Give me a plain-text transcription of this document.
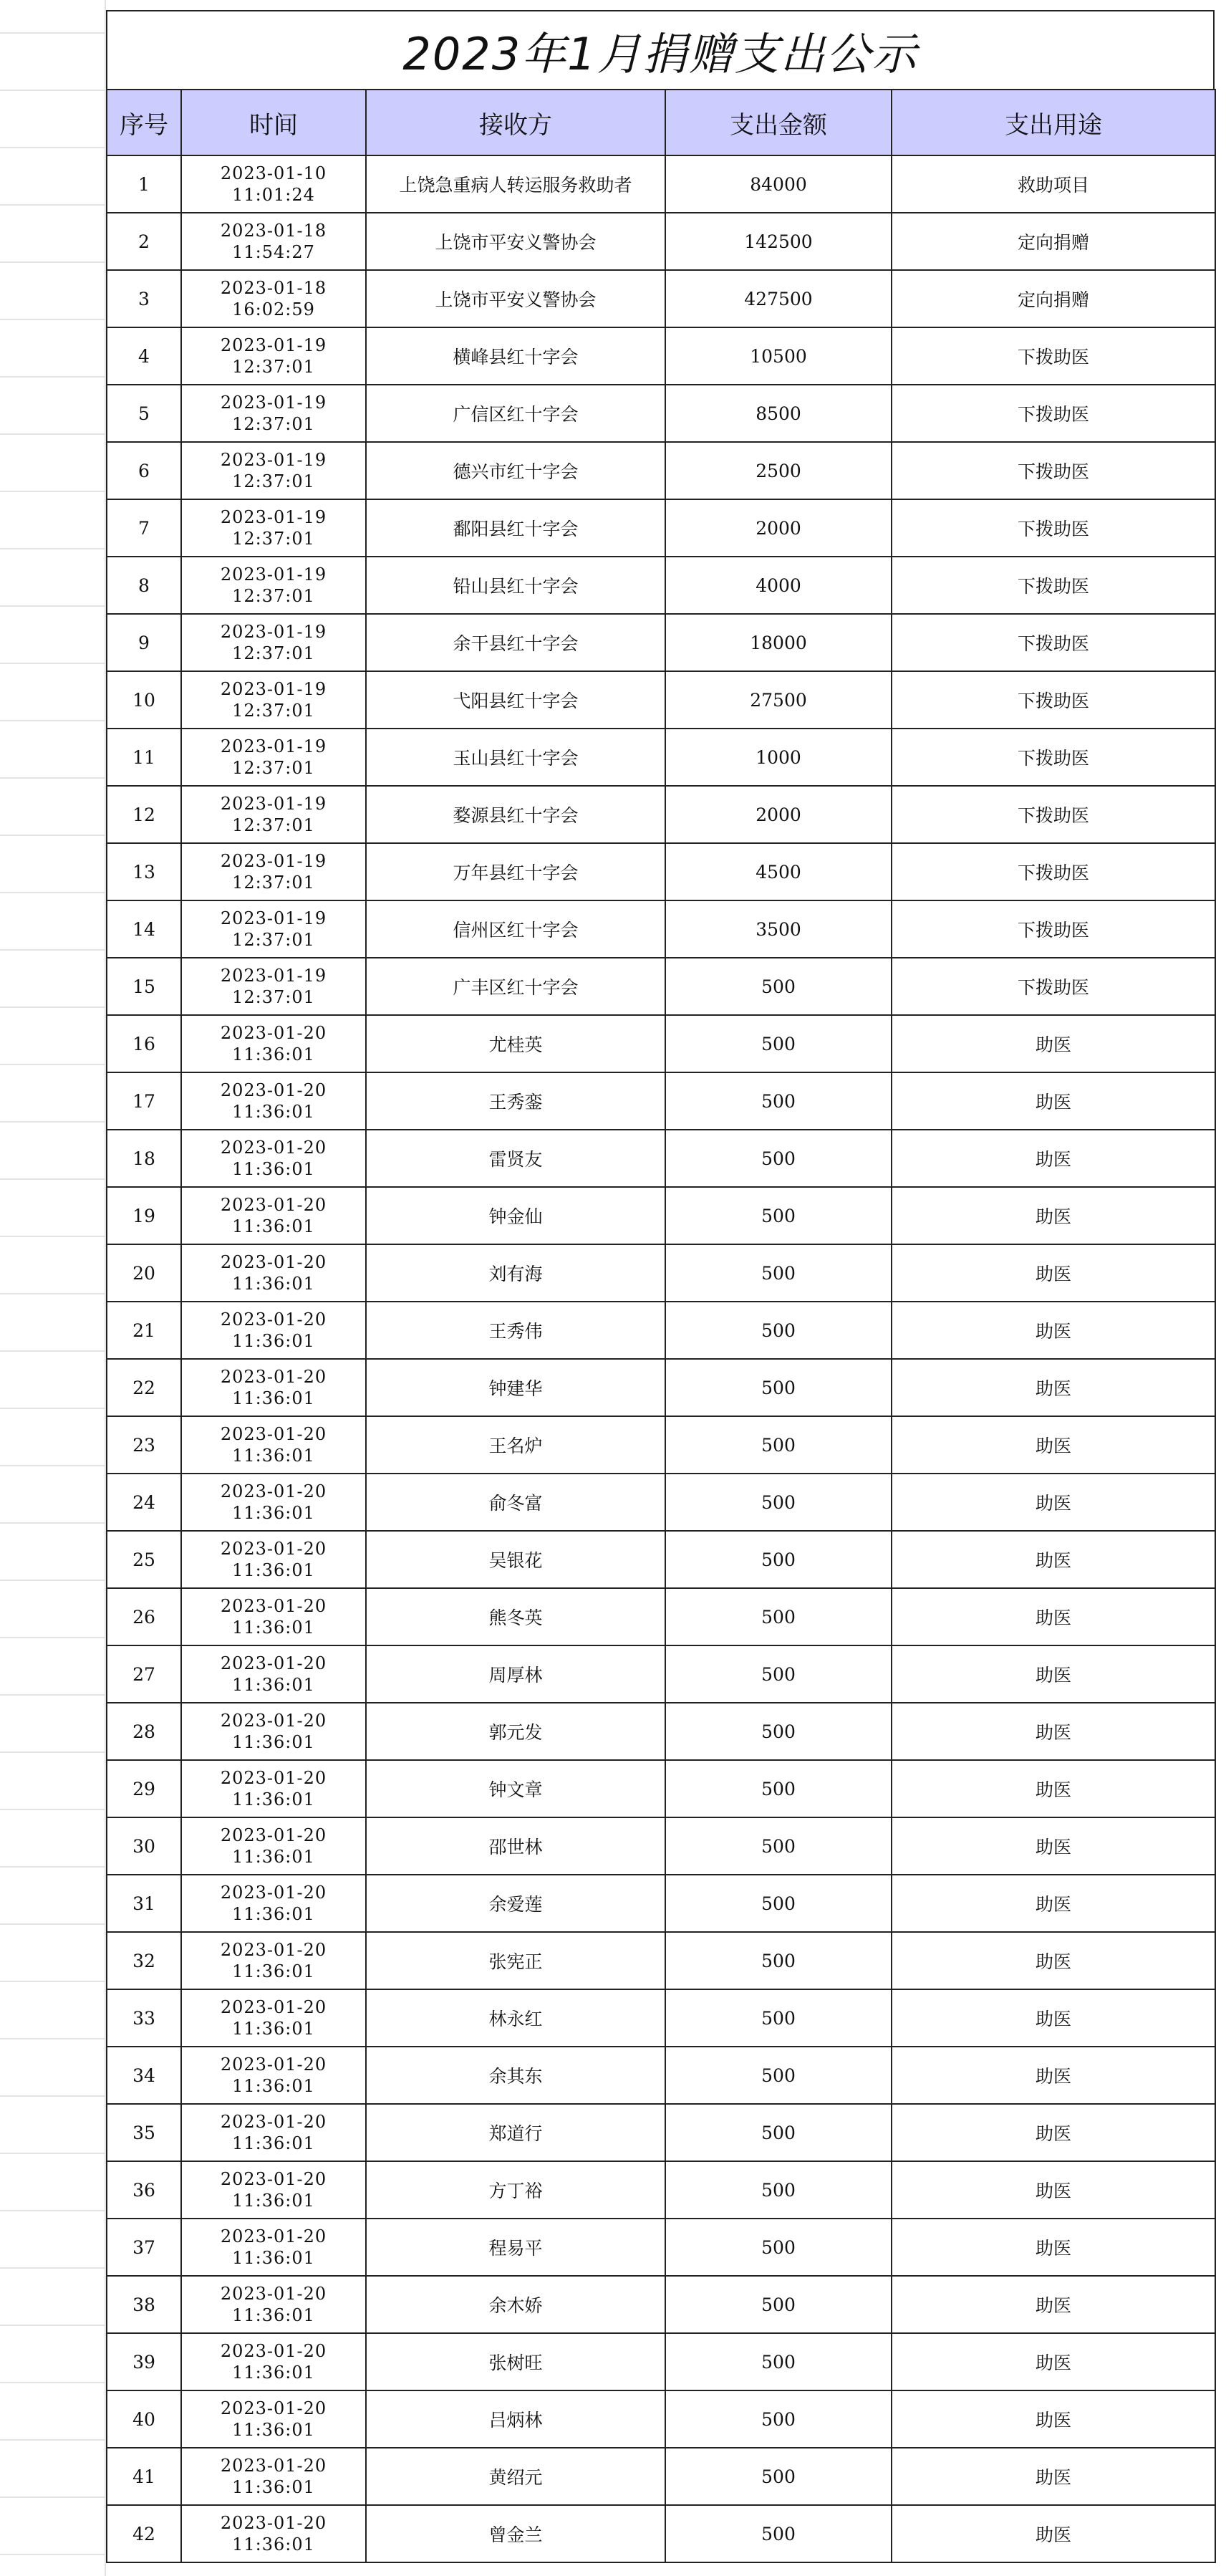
2023年1月捐赠支出公示
序号	时间	接收方	支出金额	支出用途
1	2023-01-10
11:01:24	上饶急重病人转运服务救助者	84000	救助项目
2	2023-01-18
11:54:27	上饶市平安义警协会	142500	定向捐赠
3	2023-01-18
16:02:59	上饶市平安义警协会	427500	定向捐赠
4	2023-01-19
12:37:01	横峰县红十字会	10500	下拨助医
5	2023-01-19
12:37:01	广信区红十字会	8500	下拨助医
6	2023-01-19
12:37:01	德兴市红十字会	2500	下拨助医
7	2023-01-19
12:37:01	鄱阳县红十字会	2000	下拨助医
8	2023-01-19
12:37:01	铅山县红十字会	4000	下拨助医
9	2023-01-19
12:37:01	余干县红十字会	18000	下拨助医
10	2023-01-19
12:37:01	弋阳县红十字会	27500	下拨助医
11	2023-01-19
12:37:01	玉山县红十字会	1000	下拨助医
12	2023-01-19
12:37:01	婺源县红十字会	2000	下拨助医
13	2023-01-19
12:37:01	万年县红十字会	4500	下拨助医
14	2023-01-19
12:37:01	信州区红十字会	3500	下拨助医
15	2023-01-19
12:37:01	广丰区红十字会	500	下拨助医
16	2023-01-20
11:36:01	尤桂英	500	助医
17	2023-01-20
11:36:01	王秀銮	500	助医
18	2023-01-20
11:36:01	雷贤友	500	助医
19	2023-01-20
11:36:01	钟金仙	500	助医
20	2023-01-20
11:36:01	刘有海	500	助医
21	2023-01-20
11:36:01	王秀伟	500	助医
22	2023-01-20
11:36:01	钟建华	500	助医
23	2023-01-20
11:36:01	王名炉	500	助医
24	2023-01-20
11:36:01	俞冬富	500	助医
25	2023-01-20
11:36:01	吴银花	500	助医
26	2023-01-20
11:36:01	熊冬英	500	助医
27	2023-01-20
11:36:01	周厚林	500	助医
28	2023-01-20
11:36:01	郭元发	500	助医
29	2023-01-20
11:36:01	钟文章	500	助医
30	2023-01-20
11:36:01	邵世林	500	助医
31	2023-01-20
11:36:01	余爱莲	500	助医
32	2023-01-20
11:36:01	张宪正	500	助医
33	2023-01-20
11:36:01	林永红	500	助医
34	2023-01-20
11:36:01	余其东	500	助医
35	2023-01-20
11:36:01	郑道行	500	助医
36	2023-01-20
11:36:01	方丁裕	500	助医
37	2023-01-20
11:36:01	程易平	500	助医
38	2023-01-20
11:36:01	余木娇	500	助医
39	2023-01-20
11:36:01	张树旺	500	助医
40	2023-01-20
11:36:01	吕炳林	500	助医
41	2023-01-20
11:36:01	黄绍元	500	助医
42	2023-01-20
11:36:01	曾金兰	500	助医
